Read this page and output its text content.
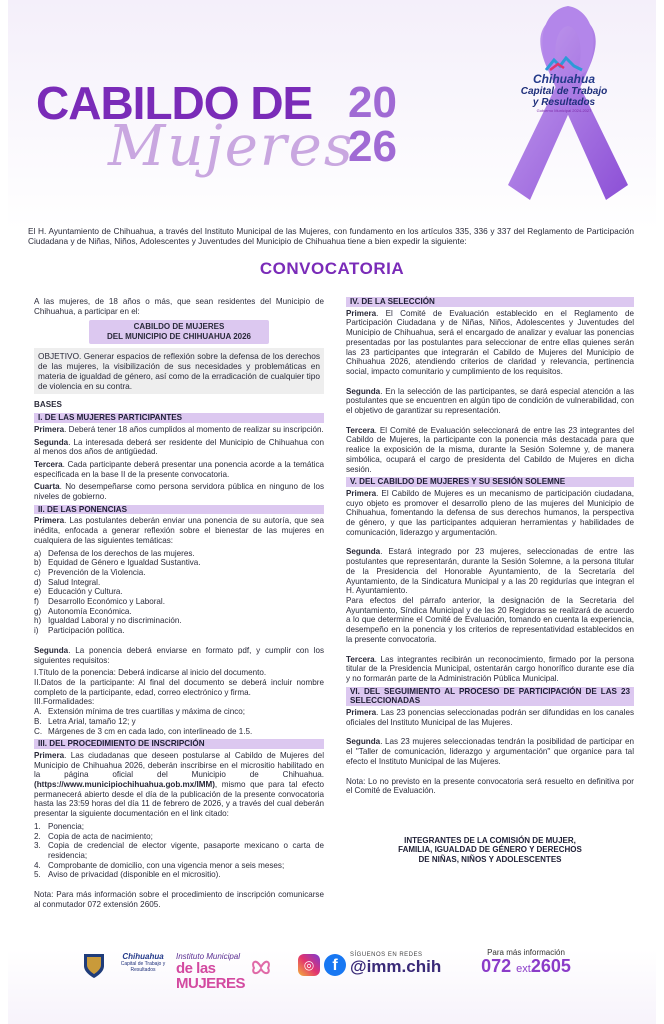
CABILDO DE
Mujeres
20
26
Chihuahua
Capital de Trabajo
y Resultados
Gobierno Municipal 2024-2027
El H. Ayuntamiento de Chihuahua, a través del Instituto Municipal de las Mujeres, con fundamento en los artículos 335, 336 y 337 del Reglamento de Participación Ciudadana y de Niñas, Niños, Adolescentes y Juventudes del Municipio de Chihuahua tiene a bien expedir la siguiente:
CONVOCATORIA

A las mujeres, de 18 años o más, que sean residentes del Municipio de Chihuahua, a participar en el:

CABILDO DE MUJERES
DEL MUNICIPIO DE CHIHUAHUA 2026
OBJETIVO. Generar espacios de reflexión sobre la defensa de los derechos de las mujeres, la visibilización de sus necesidades y problemáticas en materia de igualdad de género, así como de la erradicación de cualquier tipo de violencia en su contra.

BASES

I. DE LAS MUJERES PARTICIPANTES

Primera. Deberá tener 18 años cumplidos al momento de realizar su inscripción.

Segunda. La interesada deberá ser residente del Municipio de Chihuahua con al menos dos años de antigüedad.

Tercera. Cada participante deberá presentar una ponencia acorde a la temática especificada en la base II de la presente convocatoria.

Cuarta. No desempeñarse como persona servidora pública en ninguno de los niveles de gobierno.

II. DE LAS PONENCIAS

Primera. Las postulantes deberán enviar una ponencia de su autoría, que sea inédita, enfocada a generar reflexión sobre el bienestar de las mujeres en cualquiera de las siguientes temáticas:

a) Defensa de los derechos de las mujeres.
b) Equidad de Género e Igualdad Sustantiva.
c) Prevención de la Violencia.
d) Salud Integral.
e) Educación y Cultura.
f)	Desarrollo Económico y Laboral.
g) Autonomía Económica.
h) Igualdad Laboral y no discriminación.
i)	Participación política.

Segunda. La ponencia deberá enviarse en formato pdf, y cumplir con los siguientes requisitos:

I.Título de la ponencia: Deberá indicarse al inicio del documento.

II.Datos de la participante: Al final del documento se deberá incluir nombre completo de la participante, edad, correo electrónico y firma.

III.Formalidades:

A. Extensión mínima de tres cuartillas y máxima de cinco;
B. Letra Arial, tamaño 12; y
C. Márgenes de 3 cm en cada lado, con interlineado de 1.5.
III. DEL PROCEDIMIENTO DE INSCRIPCIÓN

Primera. Las ciudadanas que deseen postularse al Cabildo de Mujeres del Municipio de Chihuahua 2026, deberán inscribirse en el micrositio habilitado en la página oficial del Municipio de Chihuahua. (https://www.municipiochihuahua.gob.mx/IMM), mismo que para tal efecto permanecerá abierto desde el día de la publicación de la presente convocatoria hasta las 23:59 horas del día 11 de febrero de 2026, y a través del cual deberán presentar la siguiente documentación en el link citado:

1. Ponencia;
2. Copia de acta de nacimiento;
3. Copia de credencial de elector vigente, pasaporte mexicano o carta de residencia;
4. Comprobante de domicilio, con una vigencia menor a seis meses;
5. Aviso de privacidad (disponible en el micrositio).

Nota: Para más información sobre el procedimiento de inscripción comunicarse al conmutador 072 extensión 2605.

IV. DE LA SELECCIÓN

Primera. El Comité de Evaluación establecido en el Reglamento de Participación Ciudadana y de Niñas, Niños, Adolescentes y Juventudes del Municipio de Chihuahua, será el encargado de analizar y evaluar las ponencias presentadas por las postulantes para seleccionar de entre ellas quienes serán las 23 participantes que integrarán el Cabildo de Mujeres del Municipio de Chihuahua 2026, atendiendo criterios de claridad y relevancia, pertinencia social, impacto comunitario y cumplimiento de los requisitos.

Segunda. En la selección de las participantes, se dará especial atención a las postulantes que se encuentren en algún tipo de condición de vulnerabilidad, con el objetivo de garantizar su representación.

Tercera. El Comité de Evaluación seleccionará de entre las 23 integrantes del Cabildo de Mujeres, la participante con la ponencia más destacada para que realice la exposición de la misma, durante la Sesión Solemne y, de manera simbólica, ocupará el cargo de presidenta del Cabildo de Mujeres en dicha sesión.

V. DEL CABILDO DE MUJERES Y SU SESIÓN SOLEMNE

Primera. El Cabildo de Mujeres es un mecanismo de participación ciudadana, cuyo objeto es promover el desarrollo pleno de las mujeres del Municipio de Chihuahua, fomentando la defensa de sus derechos humanos, la perspectiva de género, y que las participantes adquieran herramientas y habilidades de comunicación, liderazgo y argumentación.

Segunda. Estará integrado por 23 mujeres, seleccionadas de entre las postulantes que representarán, durante la Sesión Solemne, a la persona titular de la Presidencia del Honorable Ayuntamiento, de la Secretaría del Ayuntamiento, de la Sindicatura Municipal y a las 20 regidurías que integran el H. Ayuntamiento.

Para efectos del párrafo anterior, la designación de la Secretaria del Ayuntamiento, Síndica Municipal y de las 20 Regidoras se realizará de acuerdo a lo que determine el Comité de Evaluación, tomando en cuenta la experiencia, desempeño en la ponencia y los criterios de representatividad establecidos en la presente convocatoria.

Tercera. Las integrantes recibirán un reconocimiento, firmado por la persona titular de la Presidencia Municipal, ostentarán cargo honorífico durante ese día y no formarán parte de la Administración Pública Municipal.

VI. DEL SEGUIMIENTO AL PROCESO DE PARTICIPACIÓN DE LAS 23 SELECCIONADAS

Primera. Las 23 ponencias seleccionadas podrán ser difundidas en los canales oficiales del Instituto Municipal de las Mujeres.

Segunda. Las 23 mujeres seleccionadas tendrán la posibilidad de participar en el "Taller de comunicación, liderazgo y argumentación" que organice para tal efecto el Instituto Municipal de las Mujeres.

Nota: Lo no previsto en la presente convocatoria será resuelto en definitiva por el Comité de Evaluación.

INTEGRANTES DE LA COMISIÓN DE MUJER,
FAMILIA, IGUALDAD DE GÉNERO Y DERECHOS
DE NIÑAS, NIÑOS Y ADOLESCENTES
Chihuahua
Capital de Trabajo y Resultados
Instituto Municipal
de las MUJERES
◎	f
SÍGUENOS EN REDES
@imm.chih
Para más información
072 ext2605
